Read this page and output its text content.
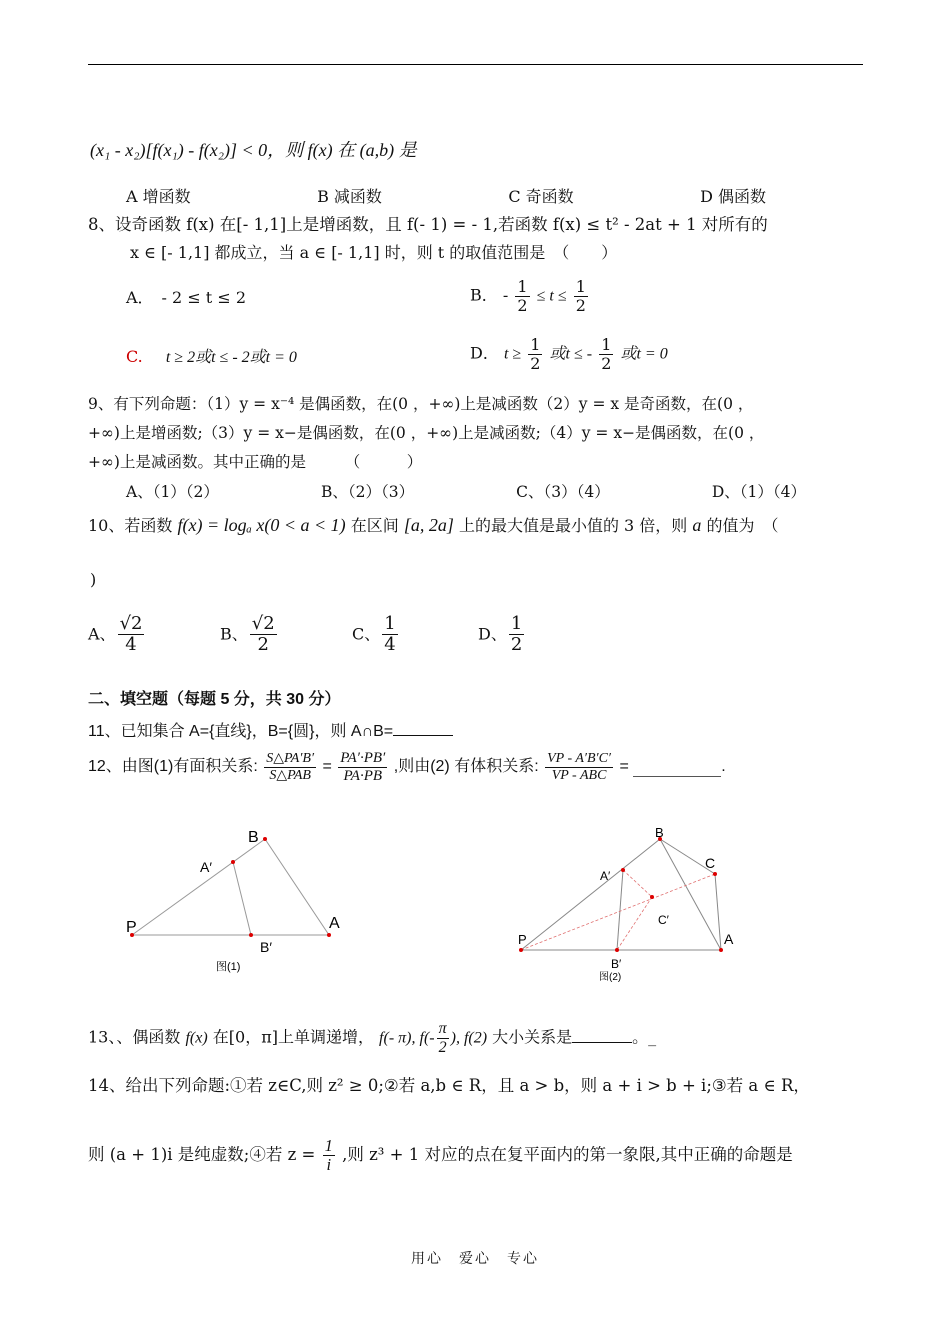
(x₁ - x₂)[f(x₁) - f(x₂)] < 0，则 f(x) 在 (a,b) 是
A 增函数	B 减函数	C 奇函数	D 偶函数
8、设奇函数 f(x) 在[- 1,1]上是增函数，且 f(- 1) = - 1,若函数 f(x) ≤ t² - 2at + 1 对所有的
x ∈ [- 1,1] 都成立，当 a ∈ [- 1,1] 时，则 t 的取值范围是　（　　）
A．　- 2 ≤ t ≤ 2	B． - $\frac{1}{2} \le t \le \frac{1}{2}$
C. t ≥ 2或t ≤ - 2或t = 0	D． $t \ge \frac{1}{2}$ 或t ≤ - $\frac{1}{2}$ 或t = 0
9、有下列命题：（1）y = x⁻⁴ 是偶函数，在(0 ，+∞)上是减函数（2）y = x 是奇函数，在(0 ，
+∞)上是增函数;（3）y = x−是偶函数，在(0 ，+∞)上是减函数;（4）y = x−是偶函数，在(0 ，
+∞)上是减函数。其中正确的是　　　（　　　）
A、（1）（2）	B、（2）（3）	C、（3）（4）	D、（1）（4）
10、若函数 f(x) = logₐ x(0 < a < 1) 在区间 [a, 2a] 上的最大值是最小值的 3 倍，则 a 的值为　（
)
A、 $\frac{√2}{4}$	B、 $\frac{√2}{2}$	C、 $\frac{1}{4}$	D、 $\frac{1}{2}$
二、填空题（每题 5 分，共 30 分）
11、已知集合 A={直线}，B={圆}，则 A∩B=
12、由图(1)有面积关系: $\frac{S\triangle PA'B'}{\text{S△PAB}} = \frac{PA'\cdot PB'}{PA\cdot PB}$ ,则由(2) 有体积关系: $\frac{VP - A'B'C'}{\text{VP - ABC}}$ =	.
B
A′
P	A
B′
图(1)
B
C
A′
C′
P	A
B′
图(2)
13、、偶函数 f(x) 在[0，π]上单调递增， f(- π), $f(- \frac{\pi}{2}$ ), f(2) 大小关系是	。_
14、给出下列命题:①若 z∈C,则 z² ≥ 0;②若 a,b ∈ R，且 a > b，则 a + i > b + i;③若 a ∈ R，
则 (a + 1)i 是纯虚数;④若 $z = \frac{1}{i}$ ,则 z³ + 1 对应的点在复平面内的第一象限,其中正确的命题是
用心　爱心　专心
